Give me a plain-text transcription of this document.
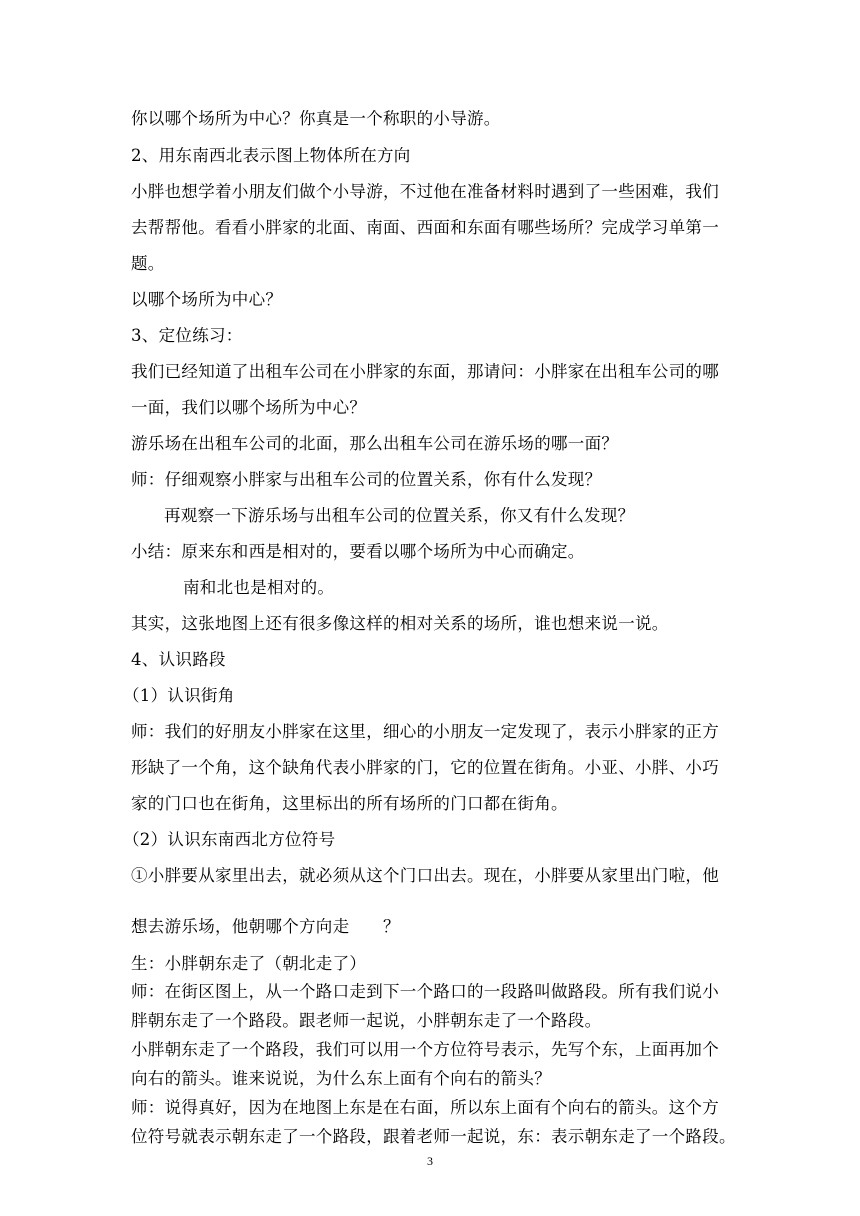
你以哪个场所为中心？你真是一个称职的小导游。
2、用东南西北表示图上物体所在方向
小胖也想学着小朋友们做个小导游，不过他在准备材料时遇到了一些困难，我们
去帮帮他。看看小胖家的北面、南面、西面和东面有哪些场所？完成学习单第一
题。
以哪个场所为中心？
3、定位练习：
我们已经知道了出租车公司在小胖家的东面，那请问：小胖家在出租车公司的哪
一面，我们以哪个场所为中心？
游乐场在出租车公司的北面，那么出租车公司在游乐场的哪一面？
师：仔细观察小胖家与出租车公司的位置关系，你有什么发现？
再观察一下游乐场与出租车公司的位置关系，你又有什么发现？
小结：原来东和西是相对的，要看以哪个场所为中心而确定。
南和北也是相对的。
其实，这张地图上还有很多像这样的相对关系的场所，谁也想来说一说。
4、认识路段
（1）认识街角
师：我们的好朋友小胖家在这里，细心的小朋友一定发现了，表示小胖家的正方
形缺了一个角，这个缺角代表小胖家的门，它的位置在街角。小亚、小胖、小巧
家的门口也在街角，这里标出的所有场所的门口都在街角。
（2）认识东南西北方位符号
①小胖要从家里出去，就必须从这个门口出去。现在，小胖要从家里出门啦，他
想去游乐场，他朝哪个方向走　　？
生：小胖朝东走了（朝北走了）
师：在街区图上，从一个路口走到下一个路口的一段路叫做路段。所有我们说小
胖朝东走了一个路段。跟老师一起说，小胖朝东走了一个路段。
小胖朝东走了一个路段，我们可以用一个方位符号表示，先写个东，上面再加个
向右的箭头。谁来说说，为什么东上面有个向右的箭头？
师：说得真好，因为在地图上东是在右面，所以东上面有个向右的箭头。这个方
位符号就表示朝东走了一个路段，跟着老师一起说，东：表示朝东走了一个路段。
3
